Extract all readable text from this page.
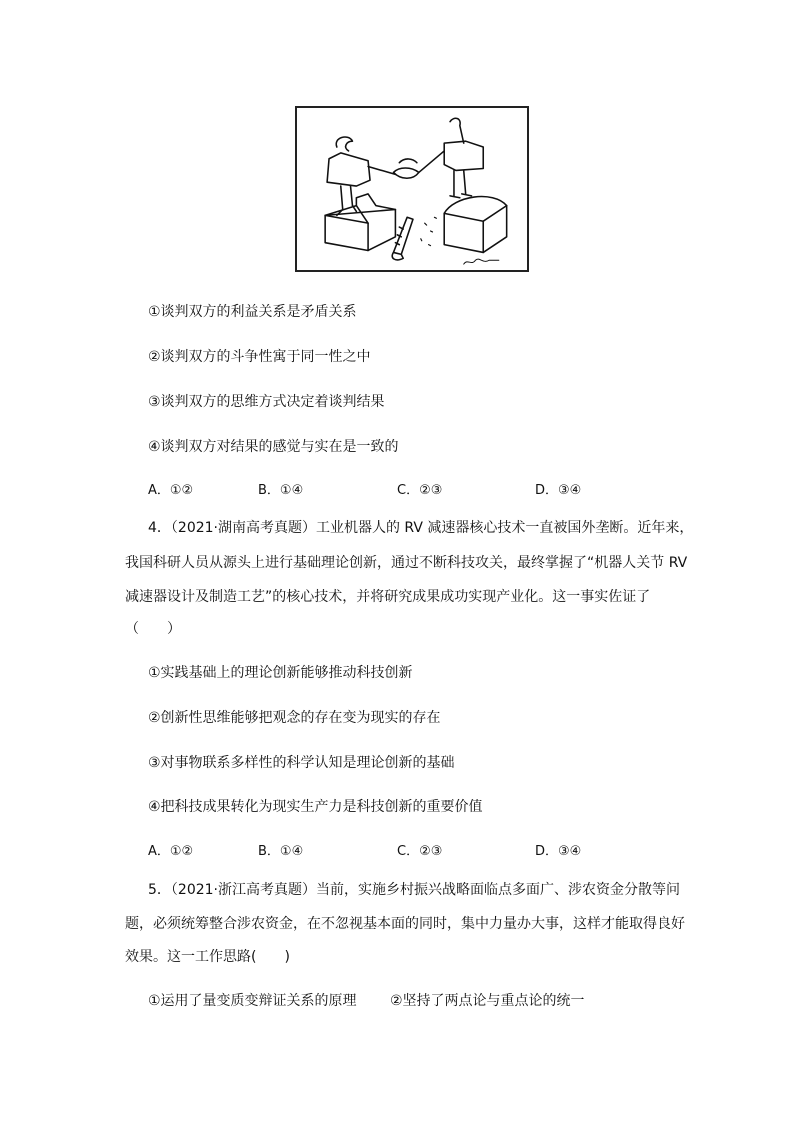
①谈判双方的利益关系是矛盾关系
②谈判双方的斗争性寓于同一性之中
③谈判双方的思维方式决定着谈判结果
④谈判双方对结果的感觉与实在是一致的
A．①②	B．①④	C．②③	D．③④
4．（2021·湖南高考真题）工业机器人的 RV 减速器核心技术一直被国外垄断。近年来，
我国科研人员从源头上进行基础理论创新，通过不断科技攻关，最终掌握了“机器人关节 RV
减速器设计及制造工艺”的核心技术，并将研究成果成功实现产业化。这一事实佐证了
（　　）
①实践基础上的理论创新能够推动科技创新
②创新性思维能够把观念的存在变为现实的存在
③对事物联系多样性的科学认知是理论创新的基础
④把科技成果转化为现实生产力是科技创新的重要价值
A．①②	B．①④	C．②③	D．③④
5．（2021·浙江高考真题）当前，实施乡村振兴战略面临点多面广、涉农资金分散等问
题，必须统筹整合涉农资金，在不忽视基本面的同时，集中力量办大事，这样才能取得良好
效果。这一工作思路(　　)
①运用了量变质变辩证关系的原理 ②坚持了两点论与重点论的统一
